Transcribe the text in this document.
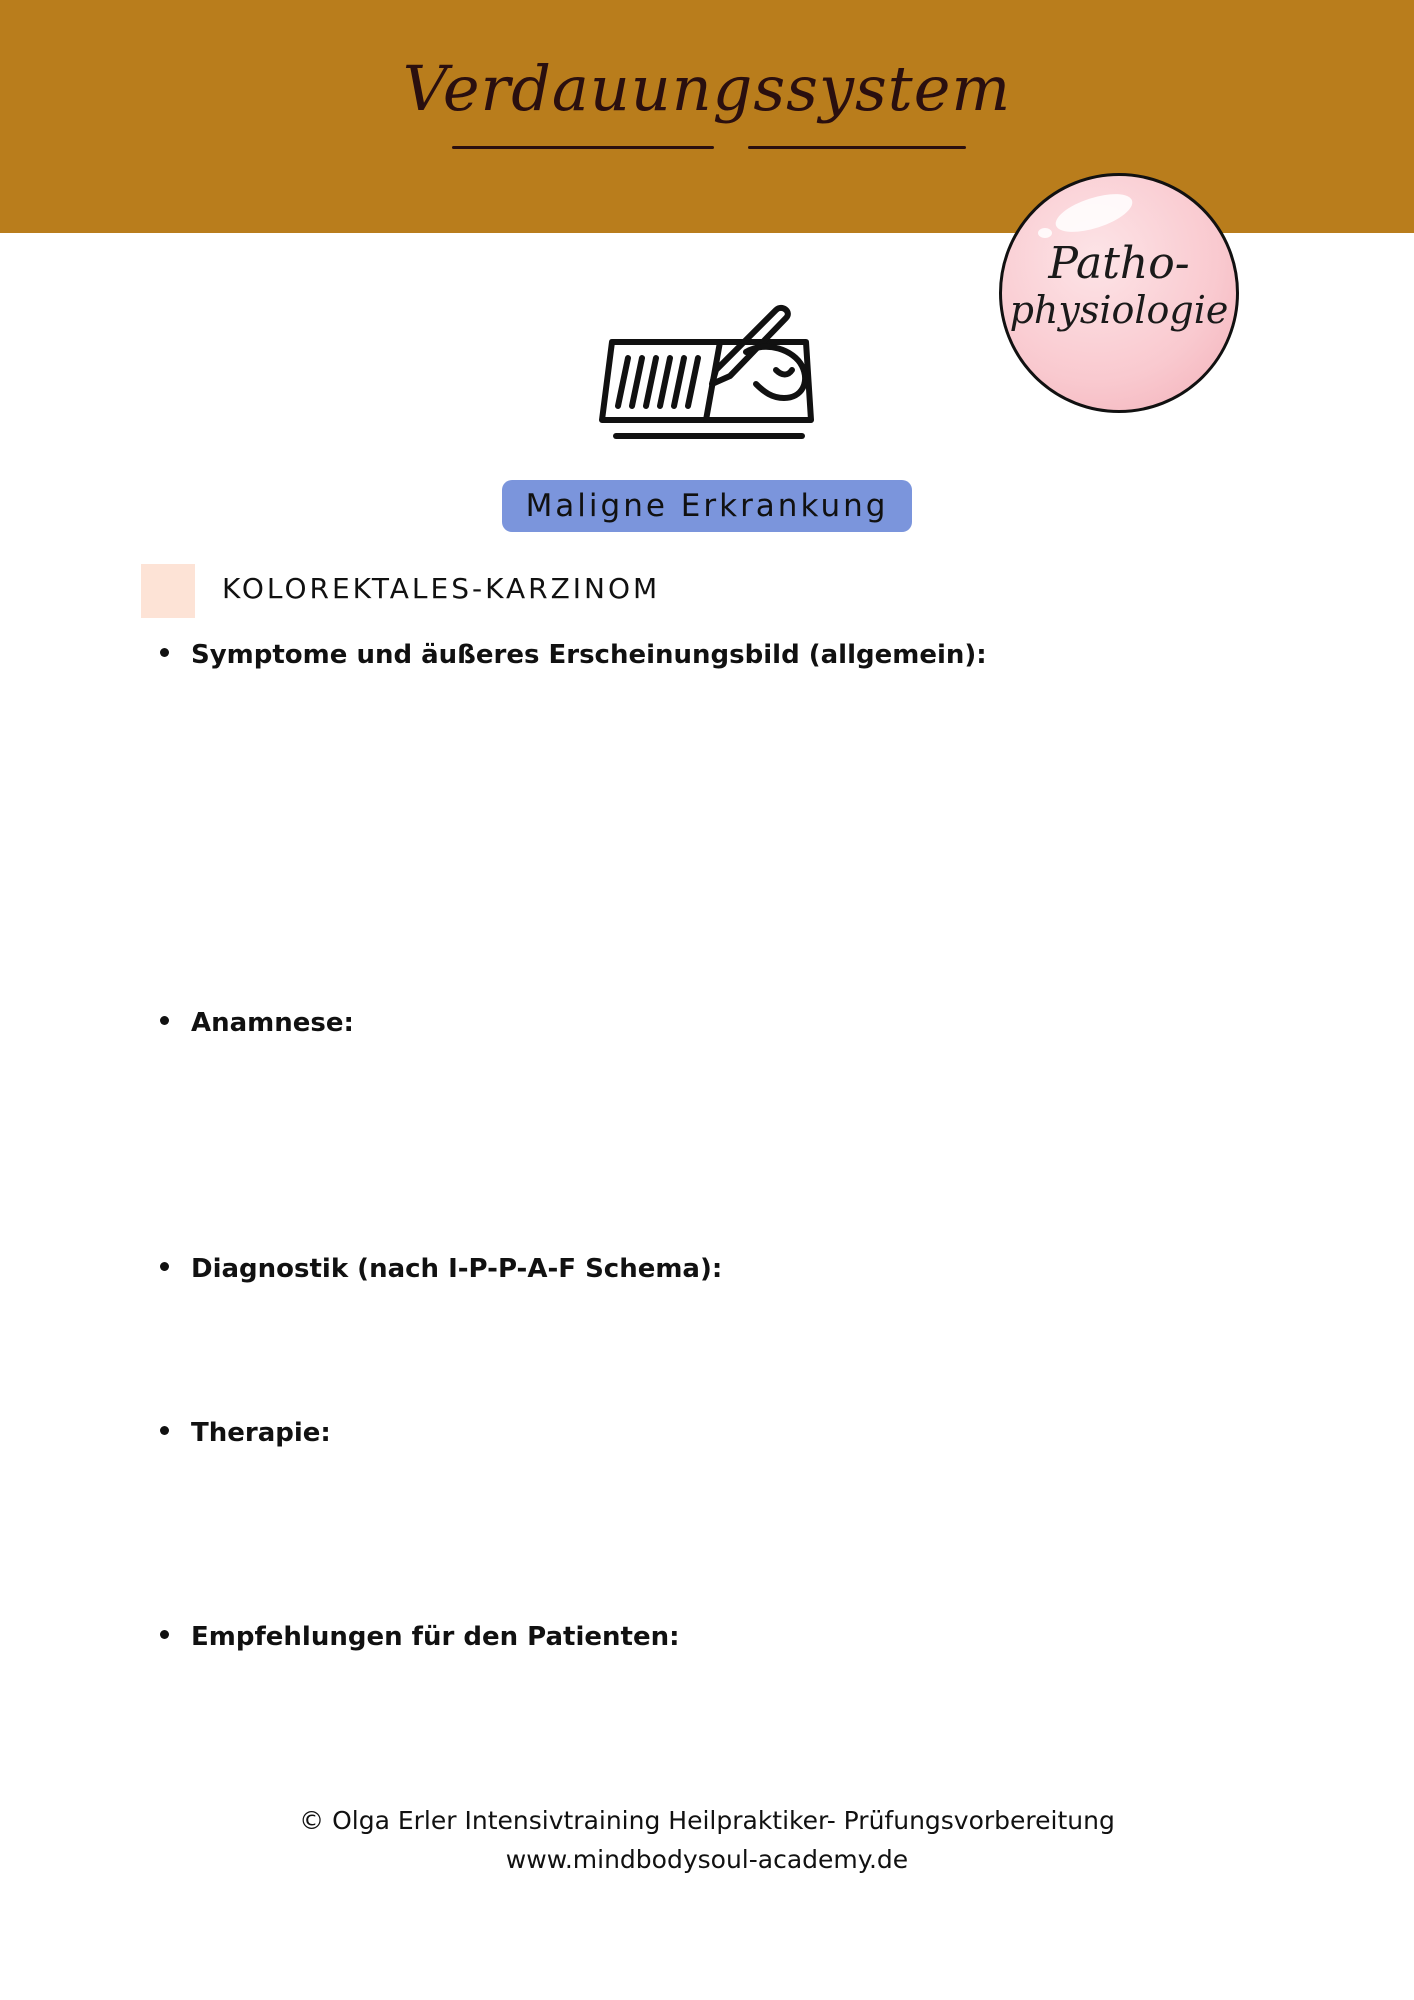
Verdauungssystem
Patho-
physiologie
Maligne Erkrankung
KOLOREKTALES-KARZINOM
Symptome und äußeres Erscheinungsbild (allgemein):
Anamnese:
Diagnostik (nach I-P-P-A-F Schema):
Therapie:
Empfehlungen für den Patienten:
© Olga Erler Intensivtraining Heilpraktiker- Prüfungsvorbereitung
www.mindbodysoul-academy.de
